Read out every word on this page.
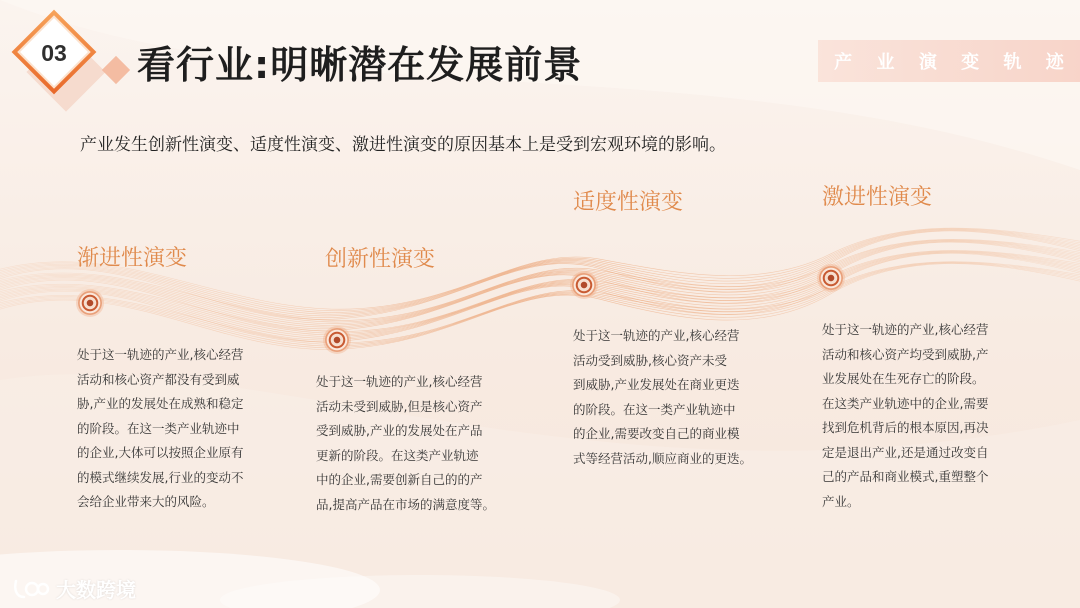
03 看行业:明晰潜在发展前景	产 业 演 变 轨 迹
产业发生创新性演变、适度性演变、激进性演变的原因基本上是受到宏观环境的影响。
渐进性演变
处于这一轨迹的产业,核心经营
活动和核心资产都没有受到威
胁,产业的发展处在成熟和稳定
的阶段。在这一类产业轨迹中
的企业,大体可以按照企业原有
的模式继续发展,行业的变动不
会给企业带来大的风险。
创新性演变
处于这一轨迹的产业,核心经营
活动未受到威胁,但是核心资产
受到威胁,产业的发展处在产品
更新的阶段。在这类产业轨迹
中的企业,需要创新自己的的产
品,提高产品在市场的满意度等。
适度性演变
处于这一轨迹的产业,核心经营
活动受到威胁,核心资产未受
到威胁,产业发展处在商业更迭
的阶段。在这一类产业轨迹中
的企业,需要改变自己的商业模
式等经营活动,顺应商业的更迭。
激进性演变
处于这一轨迹的产业,核心经营
活动和核心资产均受到威胁,产
业发展处在生死存亡的阶段。
在这类产业轨迹中的企业,需要
找到危机背后的根本原因,再决
定是退出产业,还是通过改变自
己的产品和商业模式,重塑整个
产业。
大数跨境
